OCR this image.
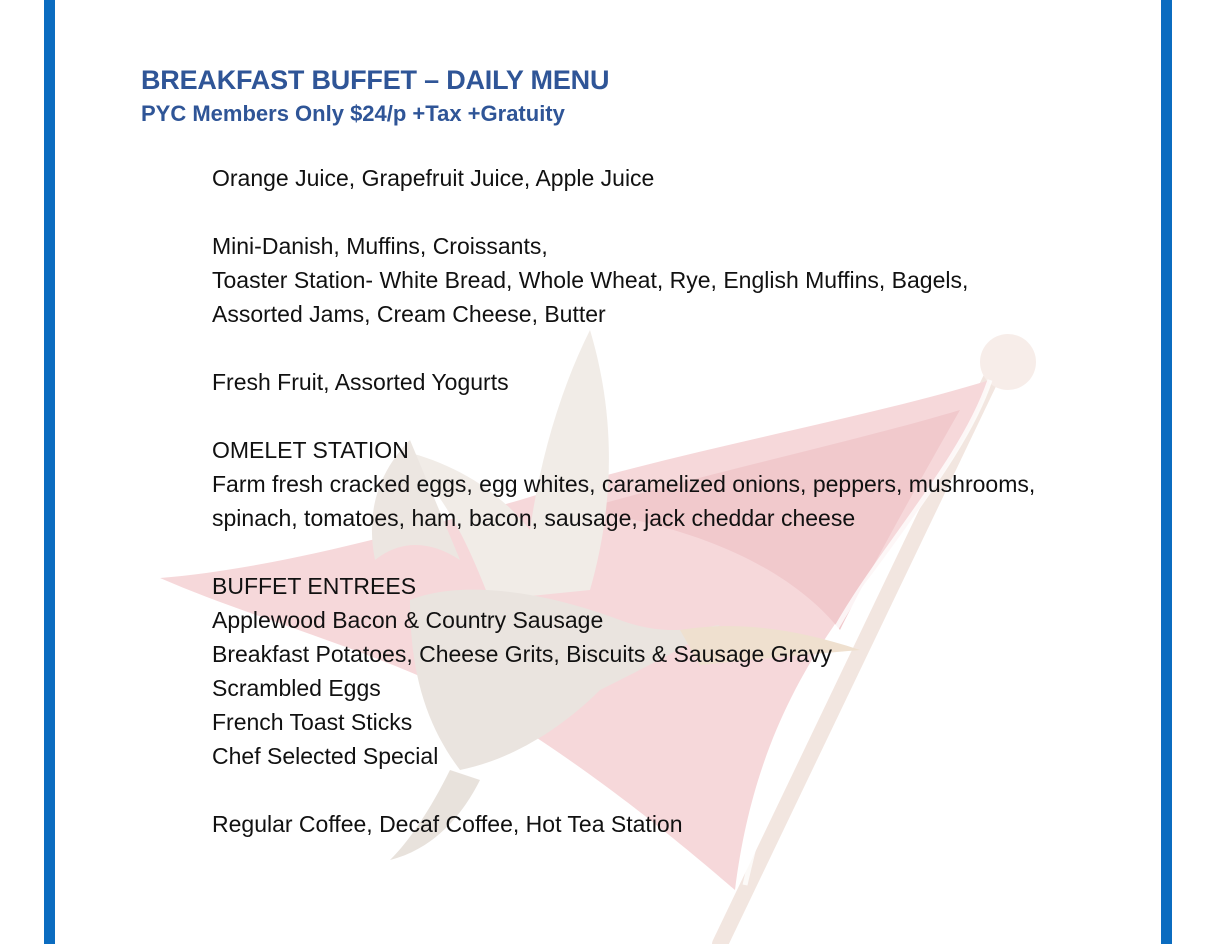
BREAKFAST BUFFET – DAILY MENU
PYC Members Only $24/p +Tax +Gratuity
Orange Juice, Grapefruit Juice, Apple Juice
Mini-Danish, Muffins, Croissants,
Toaster Station- White Bread, Whole Wheat, Rye, English Muffins, Bagels,
Assorted Jams, Cream Cheese, Butter
Fresh Fruit, Assorted Yogurts
OMELET STATION
Farm fresh cracked eggs, egg whites, caramelized onions, peppers, mushrooms,
spinach, tomatoes, ham, bacon, sausage, jack cheddar cheese
BUFFET ENTREES
Applewood Bacon & Country Sausage
Breakfast Potatoes, Cheese Grits, Biscuits & Sausage Gravy
Scrambled Eggs
French Toast Sticks
Chef Selected Special
Regular Coffee, Decaf Coffee, Hot Tea Station
